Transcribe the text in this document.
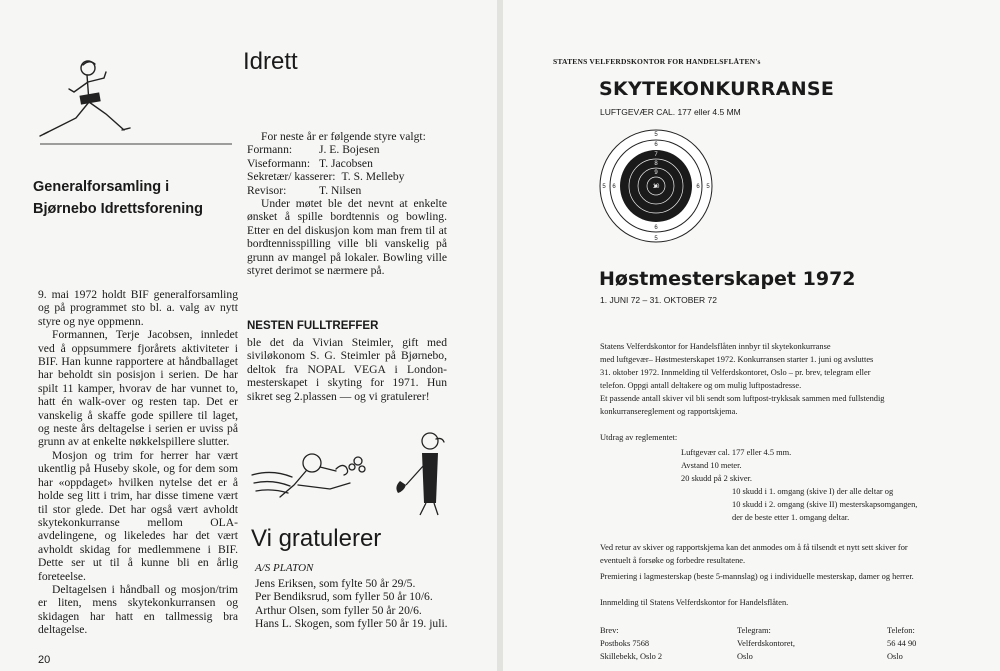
Idrett
Generalforsamling i
Bjørnebo Idrettsforening

9. mai 1972 holdt BIF generalforsamling og på programmet sto bl. a. valg av nytt styre og nye oppmenn.

Formannen, Terje Jacobsen, innledet ved å oppsummere fjorårets aktiviteter i BIF. Han kunne rapportere at håndballaget har beholdt sin posisjon i serien. De har spilt 11 kamper, hvorav de har vunnet to, hatt én walk-over og resten tap. Det er vanskelig å skaffe gode spillere til laget, og neste års deltagelse i serien er uviss på grunn av at enkelte nøkkelspillere slutter.

Mosjon og trim for herrer har vært ukentlig på Huseby skole, og for dem som har «oppdaget» hvilken nytelse det er å holde seg litt i trim, har disse timene vært til stor glede. Det har også vært avholdt skytekonkurranse mellom OLA-avdelingene, og likeledes har det vært avholdt skidag for medlemmene i BIF. Dette ser ut til å kunne bli en årlig foreteelse.

Deltagelsen i håndball og mosjon/trim er liten, mens skytekonkurransen og skidagen har hatt en tallmessig bra deltagelse.

20

For neste år er følgende styre valgt:

Formann: J. E. Bojesen
Viseformann: T. Jacobsen
Sekretær/ kasserer: T. S. Melleby
Revisor:	T. Nilsen

Under møtet ble det nevnt at enkelte ønsket å spille bordtennis og bowling. Etter en del diskusjon kom man frem til at bordtennisspilling ville bli vanskelig på grunn av mangel på lokaler. Bowling ville styret derimot se nærmere på.

NESTEN FULLTREFFER

ble det da Vivian Steimler, gift med siviløkonom S. G. Steimler på Bjørnebo, deltok fra NOPAL VEGA i London-mesterskapet i skyting for 1971. Hun sikret seg 2.plassen — og vi gratulerer!

Vi gratulerer
A/S PLATON
Jens Eriksen, som fylte 50 år 29/5.
Per Bendiksrud, som fyller 50 år 10/6.
Arthur Olsen, som fyller 50 år 20/6.
Hans L. Skogen, som fyller 50 år 19. juli.
STATENS VELFERDSKONTOR FOR HANDELSFLÅTEN's
SKYTEKONKURRANSE
LUFTGEVÆR CAL. 177 eller 4.5 MM
5
6
7
8
9
10
5 6	5
6
6
5
Høstmesterskapet 1972
1. JUNI 72 – 31. OKTOBER 72
Statens Velferdskontor for Handelsflåten innbyr til skytekonkurranse
med luftgevær– Høstmesterskapet 1972. Konkurransen starter 1. juni og avsluttes
31. oktober 1972. Innmelding til Velferdskontoret, Oslo – pr. brev, telegram eller
telefon. Oppgi antall deltakere og om mulig luftpostadresse.
Et passende antall skiver vil bli sendt som luftpost-trykksak sammen med fullstendig
konkurransereglement og rapportskjema.
Utdrag av reglementet:
Luftgevær cal. 177 eller 4.5 mm.
Avstand 10 meter.
20 skudd på 2 skiver.
10 skudd i 1. omgang (skive I) der alle deltar og
10 skudd i 2. omgang (skive II) mesterskapsomgangen,
der de beste etter 1. omgang deltar.
Ved retur av skiver og rapportskjema kan det anmodes om å få tilsendt et nytt sett skiver for
eventuelt å forsøke og forbedre resultatene.
Premiering i lagmesterskap (beste 5-mannslag) og i individuelle mesterskap, damer og herrer.
Innmelding til Statens Velferdskontor for Handelsflåten.
Brev:
Postboks 7568
Skillebekk, Oslo 2
Telegram:
Velferdskontoret,
Oslo
Telefon:
56 44 90
Oslo
